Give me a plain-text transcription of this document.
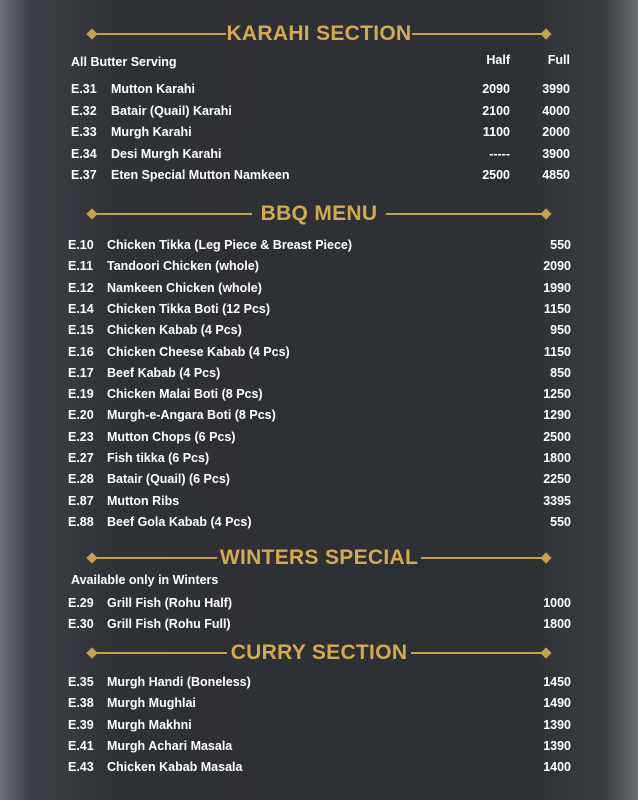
KARAHI SECTION
All Butter Serving	Half	Full
E.31 Mutton Karahi	2090	3990
E.32 Batair (Quail) Karahi	2100	4000
E.33 Murgh Karahi	1100	2000
E.34 Desi Murgh Karahi	-----	3900
E.37 Eten Special Mutton Namkeen	2500	4850
BBQ MENU
E.10 Chicken Tikka (Leg Piece & Breast Piece)	550
E.11 Tandoori Chicken (whole)	2090
E.12 Namkeen Chicken (whole)	1990
E.14 Chicken Tikka Boti (12 Pcs)	1150
E.15 Chicken Kabab (4 Pcs)	950
E.16 Chicken Cheese Kabab (4 Pcs)	1150
E.17 Beef Kabab (4 Pcs)	850
E.19 Chicken Malai Boti (8 Pcs)	1250
E.20 Murgh-e-Angara Boti (8 Pcs)	1290
E.23 Mutton Chops (6 Pcs)	2500
E.27 Fish tikka (6 Pcs)	1800
E.28 Batair (Quail) (6 Pcs)	2250
E.87 Mutton Ribs	3395
E.88 Beef Gola Kabab (4 Pcs)	550
WINTERS SPECIAL
Available only in Winters
E.29 Grill Fish (Rohu Half)	1000
E.30 Grill Fish (Rohu Full)	1800
CURRY SECTION
E.35 Murgh Handi (Boneless)	1450
E.38 Murgh Mughlai	1490
E.39 Murgh Makhni	1390
E.41 Murgh Achari Masala	1390
E.43 Chicken Kabab Masala	1400
